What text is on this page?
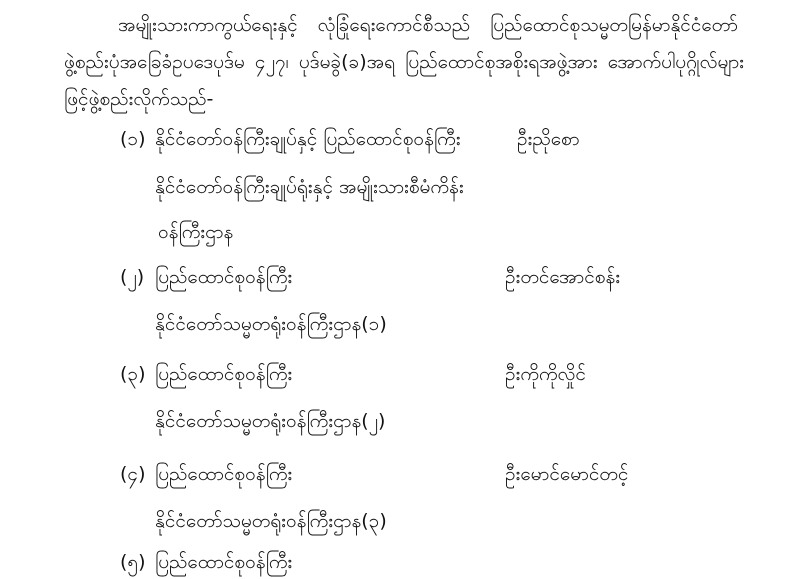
အမျိုးသားကာကွယ်ရေးနှင့် လုံခြုံရေးကောင်စီသည် ပြည်ထောင်စုသမ္မတမြန်မာနိုင်ငံတော်
ဖွဲ့စည်းပုံအခြေခံဥပဒေပုဒ်မ ၄၂၇၊ ပုဒ်မခွဲ(ခ)အရ ပြည်ထောင်စုအစိုးရအဖွဲ့အား အောက်ပါပုဂ္ဂိုလ်များ
ဖြင့်ဖွဲ့စည်းလိုက်သည်-
(၁) နိုင်ငံတော်ဝန်ကြီးချုပ်နှင့် ပြည်ထောင်စုဝန်ကြီး
နိုင်ငံတော်ဝန်ကြီးချုပ်ရုံးနှင့် အမျိုးသားစီမံကိန်း
ဝန်ကြီးဌာန
ဦးညိုစော
(၂) ပြည်ထောင်စုဝန်ကြီး
နိုင်ငံတော်သမ္မတရုံးဝန်ကြီးဌာန(၁)
ဦးတင်အောင်စန်း
(၃) ပြည်ထောင်စုဝန်ကြီး
နိုင်ငံတော်သမ္မတရုံးဝန်ကြီးဌာန(၂)
ဦးကိုကိုလှိုင်
(၄) ပြည်ထောင်စုဝန်ကြီး
နိုင်ငံတော်သမ္မတရုံးဝန်ကြီးဌာန(၃)
ဦးမောင်မောင်တင့်
(၅) ပြည်ထောင်စုဝန်ကြီး
